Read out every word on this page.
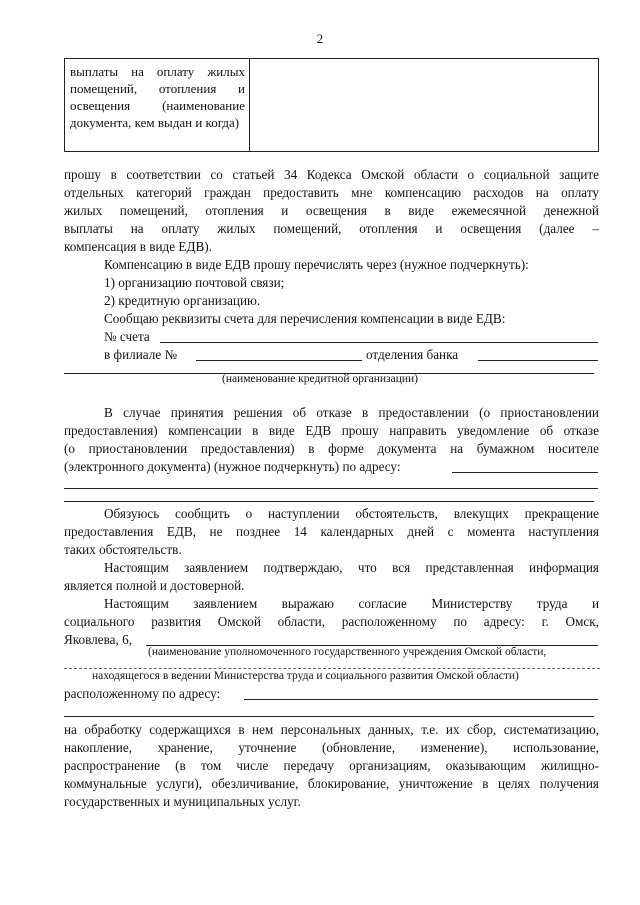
2
выплаты на оплату жилых помещений, отопления и освещения (наименование документа, кем выдан и когда)
прошу в соответствии со статьей 34 Кодекса Омской области о социальной защите
отдельных категорий граждан предоставить мне компенсацию расходов на оплату
жилых помещений, отопления и освещения в виде ежемесячной денежной
выплаты на оплату жилых помещений, отопления и освещения (далее –
компенсация в виде ЕДВ).
Компенсацию в виде ЕДВ прошу перечислять через (нужное подчеркнуть):
1) организацию почтовой связи;
2) кредитную организацию.
Сообщаю реквизиты счета для перечисления компенсации в виде ЕДВ:
№ счета
в филиале №	отделения банка
(наименование кредитной организации)
В случае принятия решения об отказе в предоставлении (о приостановлении
предоставления) компенсации в виде ЕДВ прошу направить уведомление об отказе
(о приостановлении предоставления) в форме документа на бумажном носителе
(электронного документа) (нужное подчеркнуть) по адресу:
Обязуюсь сообщить о наступлении обстоятельств, влекущих прекращение
предоставления ЕДВ, не позднее 14 календарных дней с момента наступления
таких обстоятельств.
Настоящим заявлением подтверждаю, что вся представленная информация
является полной и достоверной.
Настоящим заявлением выражаю согласие Министерству труда и
социального развития Омской области, расположенному по адресу: г. Омск,
Яковлева, 6,
(наименование уполномоченного государственного учреждения Омской области,
находящегося в ведении Министерства труда и социального развития Омской области)
расположенному по адресу:
на обработку содержащихся в нем персональных данных, т.е. их сбор, систематизацию,
накопление, хранение, уточнение (обновление, изменение), использование,
распространение (в том числе передачу организациям, оказывающим жилищно-
коммунальные услуги), обезличивание, блокирование, уничтожение в целях получения
государственных и муниципальных услуг.
